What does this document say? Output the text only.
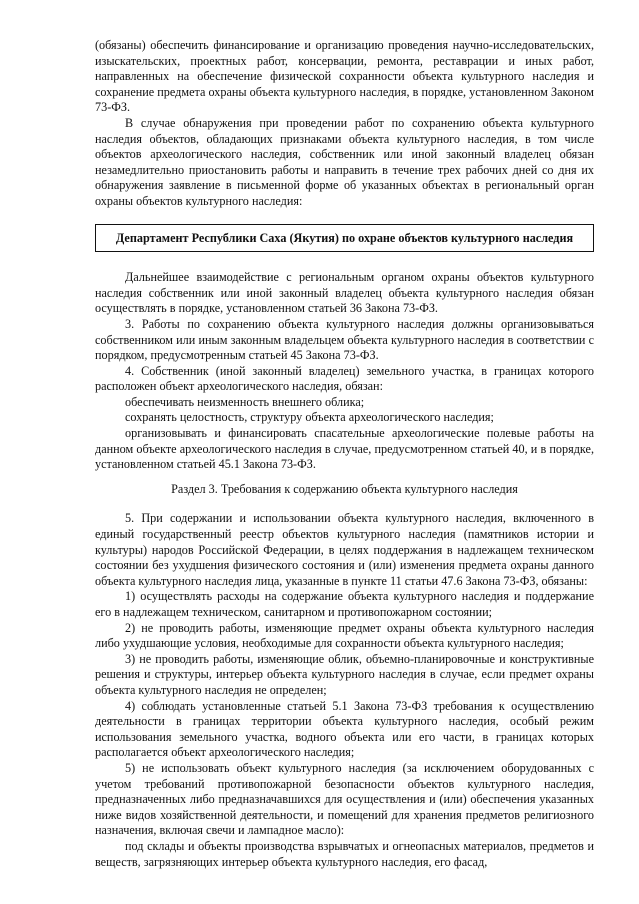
(обязаны) обеспечить финансирование и организацию проведения научно-исследовательских, изыскательских, проектных работ, консервации, ремонта, реставрации и иных работ, направленных на обеспечение физической сохранности объекта культурного наследия и сохранение предмета охраны объекта культурного наследия, в порядке, установленном Законом 73-ФЗ.

В случае обнаружения при проведении работ по сохранению объекта культурного наследия объектов, обладающих признаками объекта культурного наследия, в том числе объектов археологического наследия, собственник или иной законный владелец обязан незамедлительно приостановить работы и направить в течение трех рабочих дней со дня их обнаружения заявление в письменной форме об указанных объектах в региональный орган охраны объектов культурного наследия:

Департамент Республики Саха (Якутия) по охране объектов культурного наследия

Дальнейшее взаимодействие с региональным органом охраны объектов культурного наследия собственник или иной законный владелец объекта культурного наследия обязан осуществлять в порядке, установленном статьей 36 Закона 73-ФЗ.

3. Работы по сохранению объекта культурного наследия должны организовываться собственником или иным законным владельцем объекта культурного наследия в соответствии с порядком, предусмотренным статьей 45 Закона 73-ФЗ.

4. Собственник (иной законный владелец) земельного участка, в границах которого расположен объект археологического наследия, обязан:

обеспечивать неизменность внешнего облика;

сохранять целостность, структуру объекта археологического наследия;

организовывать и финансировать спасательные археологические полевые работы на данном объекте археологического наследия в случае, предусмотренном статьей 40, и в порядке, установленном статьей 45.1 Закона 73-ФЗ.

Раздел 3. Требования к содержанию объекта культурного наследия

5. При содержании и использовании объекта культурного наследия, включенного в единый государственный реестр объектов культурного наследия (памятников истории и культуры) народов Российской Федерации, в целях поддержания в надлежащем техническом состоянии без ухудшения физического состояния и (или) изменения предмета охраны данного объекта культурного наследия лица, указанные в пункте 11 статьи 47.6 Закона 73-ФЗ, обязаны:

1) осуществлять расходы на содержание объекта культурного наследия и поддержание его в надлежащем техническом, санитарном и противопожарном состоянии;

2) не проводить работы, изменяющие предмет охраны объекта культурного наследия либо ухудшающие условия, необходимые для сохранности объекта культурного наследия;

3) не проводить работы, изменяющие облик, объемно-планировочные и конструктивные решения и структуры, интерьер объекта культурного наследия в случае, если предмет охраны объекта культурного наследия не определен;

4) соблюдать установленные статьей 5.1 Закона 73-ФЗ требования к осуществлению деятельности в границах территории объекта культурного наследия, особый режим использования земельного участка, водного объекта или его части, в границах которых располагается объект археологического наследия;

5) не использовать объект культурного наследия (за исключением оборудованных с учетом требований противопожарной безопасности объектов культурного наследия, предназначенных либо предназначавшихся для осуществления и (или) обеспечения указанных ниже видов хозяйственной деятельности, и помещений для хранения предметов религиозного назначения, включая свечи и лампадное масло):

под склады и объекты производства взрывчатых и огнеопасных материалов, предметов и веществ, загрязняющих интерьер объекта культурного наследия, его фасад,
